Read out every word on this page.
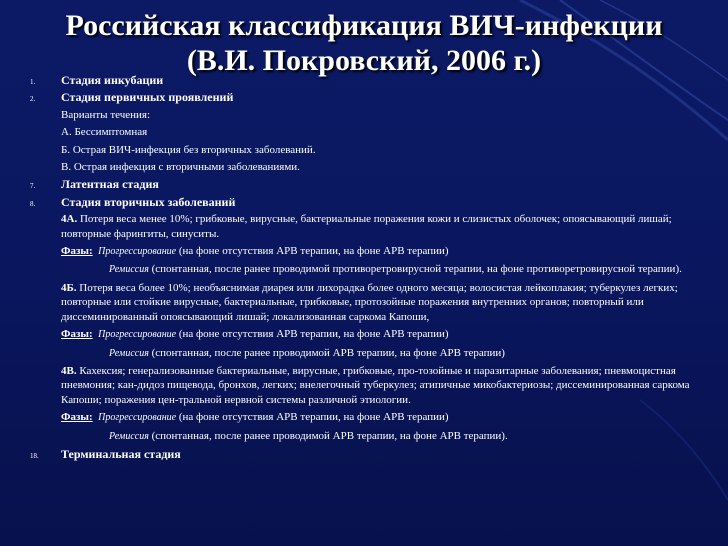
Российская классификация ВИЧ-инфекции
(В.И. Покровский, 2006 г.)
1. Стадия инкубации
2. Стадия первичных проявлений
Варианты течения:
А. Бессимптомная
Б. Острая ВИЧ-инфекция без вторичных заболеваний.
В. Острая инфекция с вторичными заболеваниями.
7. Латентная стадия
8. Стадия вторичных заболеваний
4А. Потеря веса менее 10%; грибковые, вирусные, бактериальные поражения кожи и слизистых оболочек; опоясывающий лишай; повторные фарингиты, синуситы.
Фазы: Прогрессирование (на фоне отсутствия АРВ терапии, на фоне АРВ терапии)
Ремиссия (спонтанная, после ранее проводимой противоретровирусной терапии, на фоне противоретровирусной терапии).
4Б. Потеря веса более 10%; необъяснимая диарея или лихорадка более одного месяца; волосистая лейкоплакия; туберкулез легких; повторные или стойкие вирусные, бактериальные, грибковые, протозойные поражения внутренних органов; повторный или диссеминированный опоясывающий лишай; локализованная саркома Капоши,
Фазы: Прогрессирование (на фоне отсутствия АРВ терапии, на фоне АРВ терапии)
Ремиссия (спонтанная, после ранее проводимой АРВ терапии, на фоне АРВ терапии)
4В. Кахексия; генерализованные бактериальные, вирусные, грибковые, про-тозойные и паразитарные заболевания; пневмоцистная пневмония; кан-дидоз пищевода, бронхов, легких; внелегочный туберкулез; атипичные микобактериозы; диссеминированная саркома Капоши; поражения цен-тральной нервной системы различной этиологии.
Фазы: Прогрессирование (на фоне отсутствия АРВ терапии, на фоне АРВ терапии)
Ремиссия (спонтанная, после ранее проводимой АРВ терапии, на фоне АРВ терапии).
18. Терминальная стадия
